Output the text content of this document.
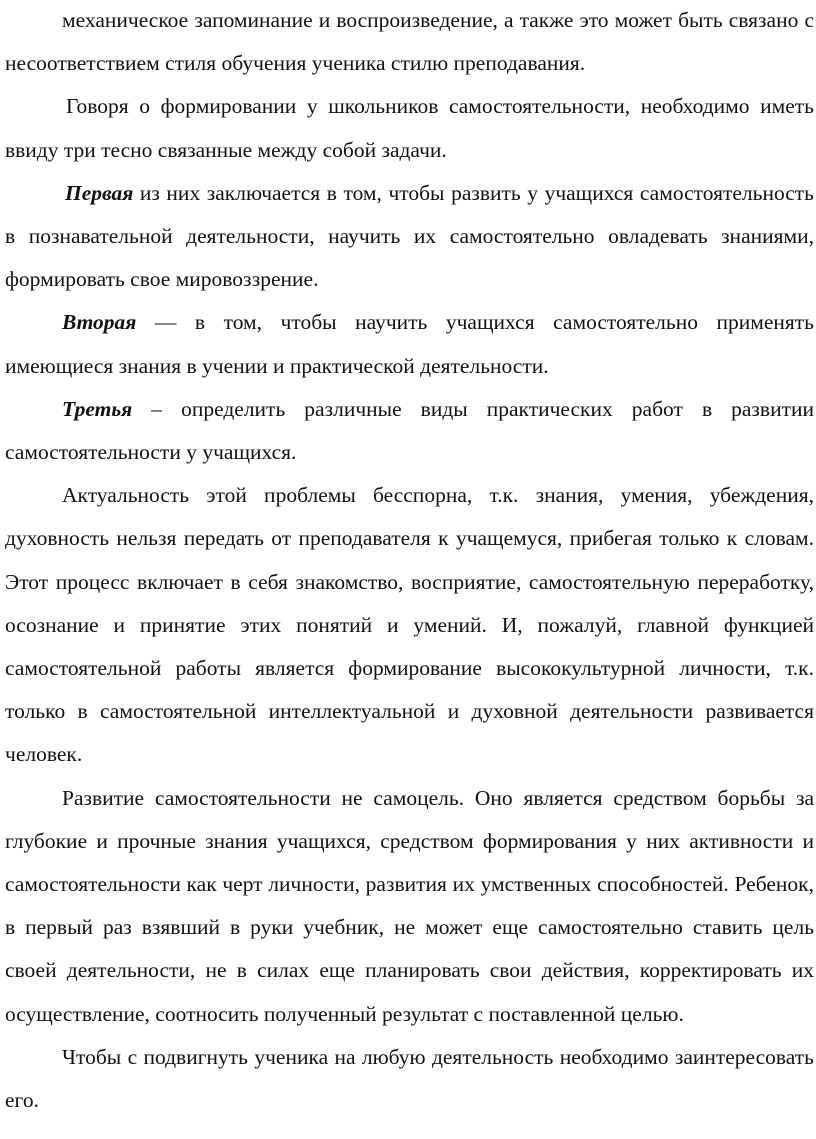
механическое запоминание и воспроизведение, а также это может быть связано с несоответствием стиля обучения ученика стилю преподавания.

Говоря о формировании у школьников самостоятельности, необходимо иметь ввиду три тесно связанные между собой задачи.

Первая из них заключается в том, чтобы развить у учащихся самостоятельность в познавательной деятельности, научить их самостоятельно овладевать знаниями, формировать свое мировоззрение.

Вторая — в том, чтобы научить учащихся самостоятельно применять имеющиеся знания в учении и практической деятельности.

Третья – определить различные виды практических работ в развитии самостоятельности у учащихся.

Актуальность этой проблемы бесспорна, т.к. знания, умения, убеждения, духовность нельзя передать от преподавателя к учащемуся, прибегая только к словам. Этот процесс включает в себя знакомство, восприятие, самостоятельную переработку, осознание и принятие этих понятий и умений. И, пожалуй, главной функцией самостоятельной работы является формирование высококультурной личности, т.к. только в самостоятельной интеллектуальной и духовной деятельности развивается человек.

Развитие самостоятельности не самоцель. Оно является средством борьбы за глубокие и прочные знания учащихся, средством формирования у них активности и самостоятельности как черт личности, развития их умственных способностей. Ребенок, в первый раз взявший в руки учебник, не может еще самостоятельно ставить цель своей деятельности, не в силах еще планировать свои действия, корректировать их осуществление, соотносить полученный результат с поставленной целью.

Чтобы с подвигнуть ученика на любую деятельность необходимо заинтересовать его.
